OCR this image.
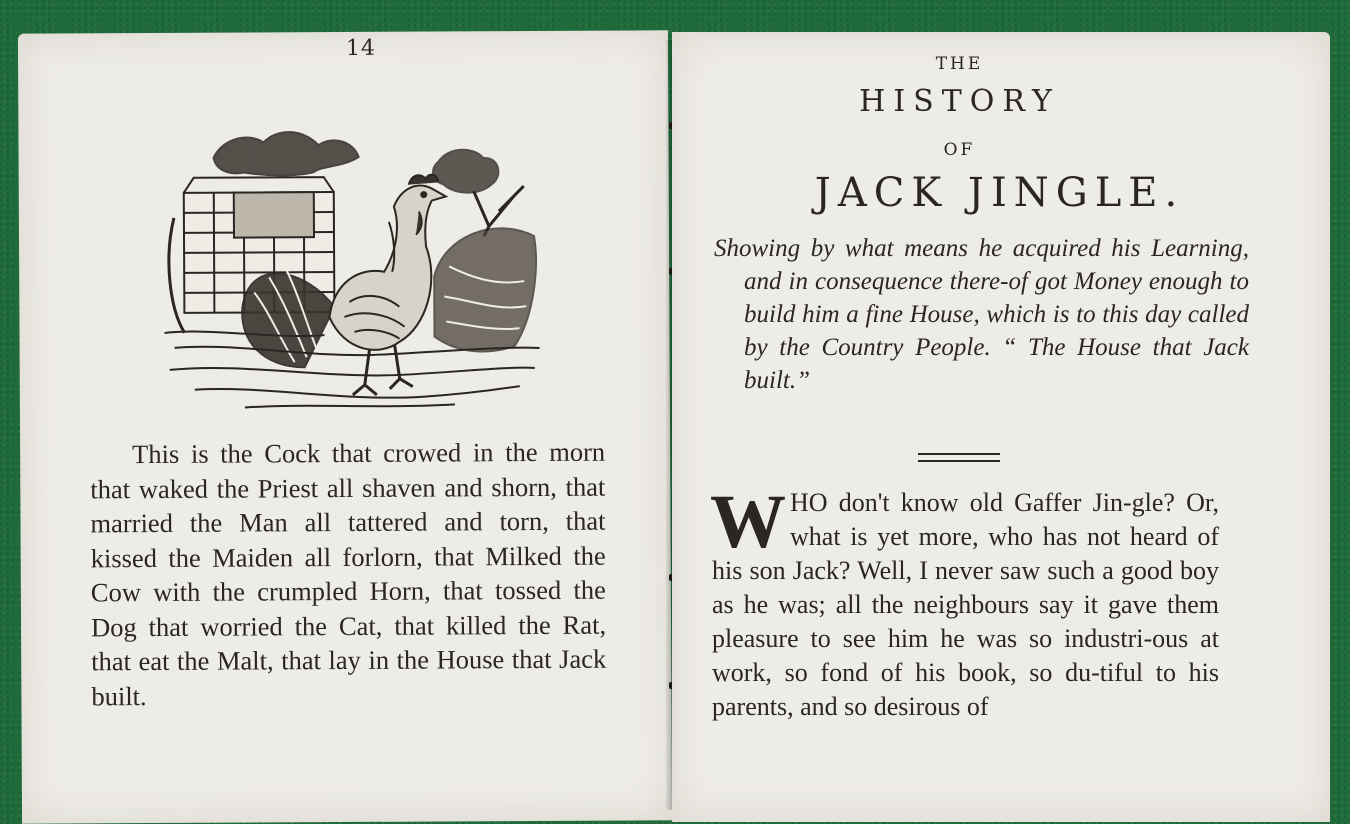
14

This is the Cock that crowed in the morn that waked the Priest all shaven and shorn, that married the Man all tattered and torn, that kissed the Maiden all forlorn, that Milked the Cow with the crumpled Horn, that tossed the Dog that worried the Cat, that killed the Rat, that eat the Malt, that lay in the House that Jack built.

THE
HISTORY
OF
JACK JINGLE.
Showing by what means he acquired his Learning, and in consequence there-of got Money enough to build him a fine House, which is to this day called by the Country People. “ The House that Jack built.”

W HO don't know old Gaffer Jin-gle? Or, what is yet more, who has not heard of his son Jack? Well, I never saw such a good boy as he was; all the neighbours say it gave them pleasure to see him he was so industri-ous at work, so fond of his book, so du-tiful to his parents, and so desirous of
